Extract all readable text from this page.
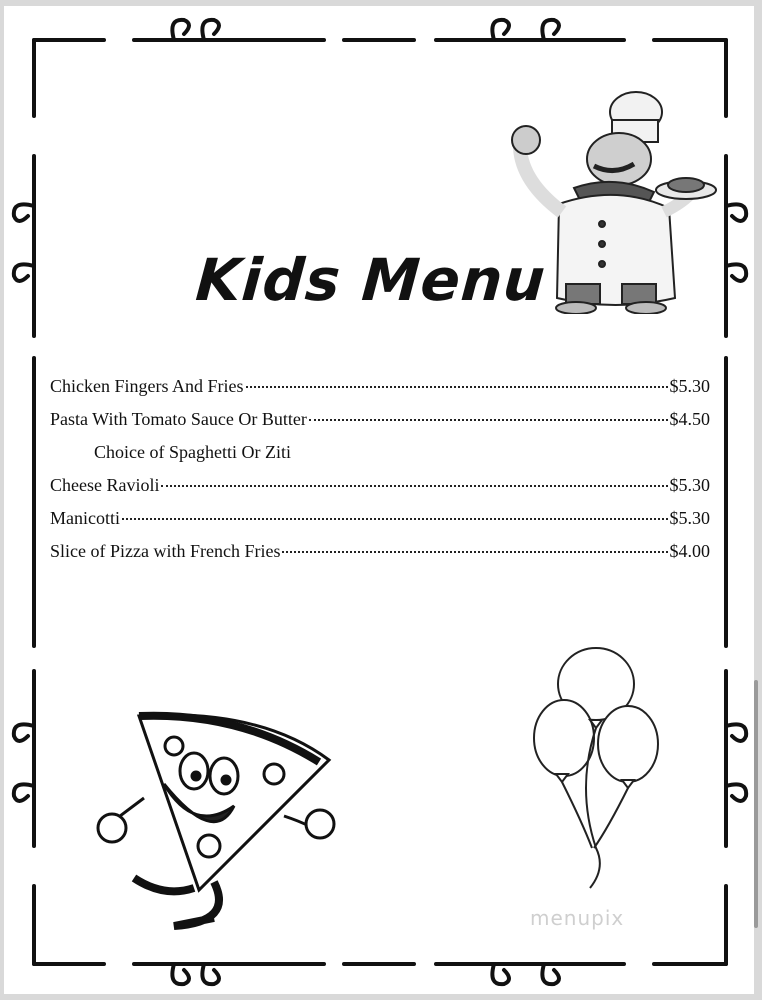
Kids Menu
Chicken Fingers And Fries	$5.30
Pasta With Tomato Sauce Or Butter	$4.50
Choice of Spaghetti Or Ziti
Cheese Ravioli	$5.30
Manicotti	$5.30
Slice of Pizza with French Fries	$4.00
menupix
